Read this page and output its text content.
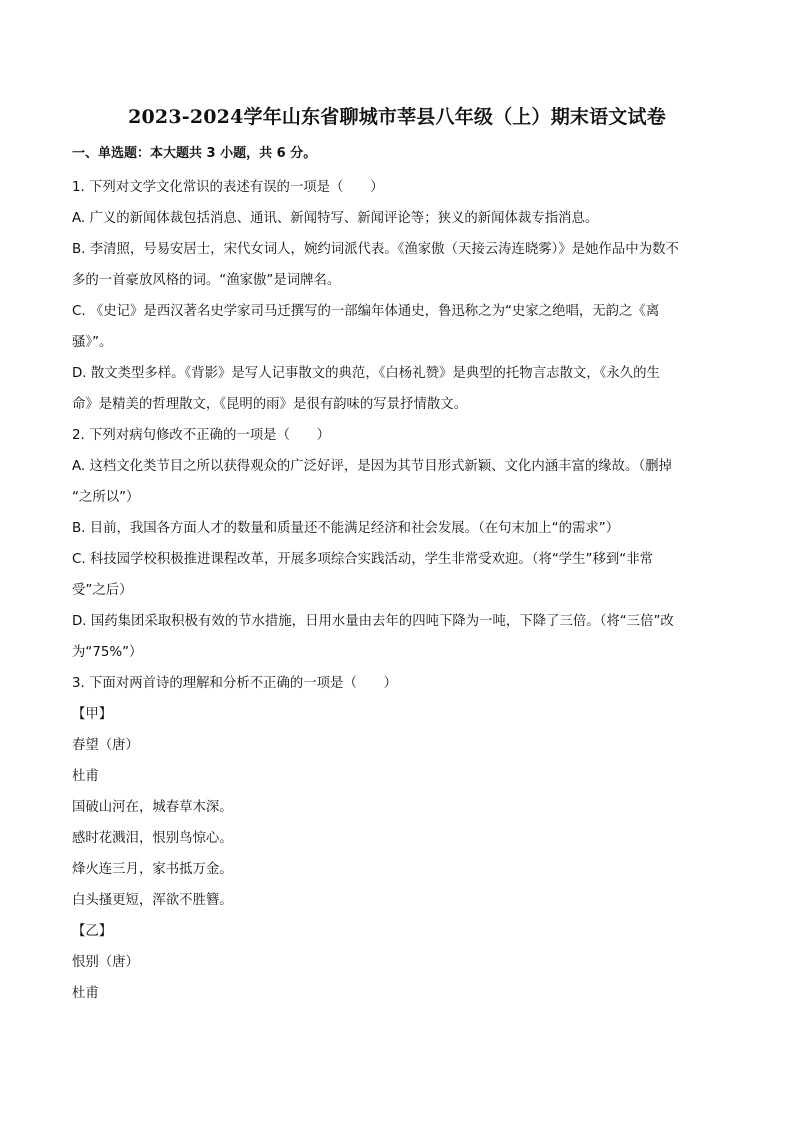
2023-2024学年山东省聊城市莘县八年级（上）期末语文试卷
一、单选题：本大题共 3 小题，共 6 分。
1. 下列对文学文化常识的表述有误的一项是（　　）
A. 广义的新闻体裁包括消息、通讯、新闻特写、新闻评论等；狭义的新闻体裁专指消息。
B. 李清照，号易安居士，宋代女词人，婉约词派代表。《渔家傲（天接云涛连晓雾）》是她作品中为数不
多的一首豪放风格的词。“渔家傲”是词牌名。
C. 《史记》是西汉著名史学家司马迁撰写的一部编年体通史，鲁迅称之为“史家之绝唱，无韵之《离
骚》”。
D. 散文类型多样。《背影》是写人记事散文的典范，《白杨礼赞》是典型的托物言志散文，《永久的生
命》是精美的哲理散文，《昆明的雨》是很有韵味的写景抒情散文。
2. 下列对病句修改不正确的一项是（　　）
A. 这档文化类节目之所以获得观众的广泛好评，是因为其节目形式新颖、文化内涵丰富的缘故。（删掉
“之所以”）
B. 目前，我国各方面人才的数量和质量还不能满足经济和社会发展。（在句末加上“的需求”）
C. 科技园学校积极推进课程改革，开展多项综合实践活动，学生非常受欢迎。（将“学生”移到“非常
受”之后）
D. 国药集团采取积极有效的节水措施，日用水量由去年的四吨下降为一吨，下降了三倍。（将“三倍”改
为“75%”）
3. 下面对两首诗的理解和分析不正确的一项是（　　）
【甲】
春望（唐）
杜甫
国破山河在，城春草木深。
感时花溅泪，恨别鸟惊心。
烽火连三月，家书抵万金。
白头搔更短，浑欲不胜簪。
【乙】
恨别（唐）
杜甫
